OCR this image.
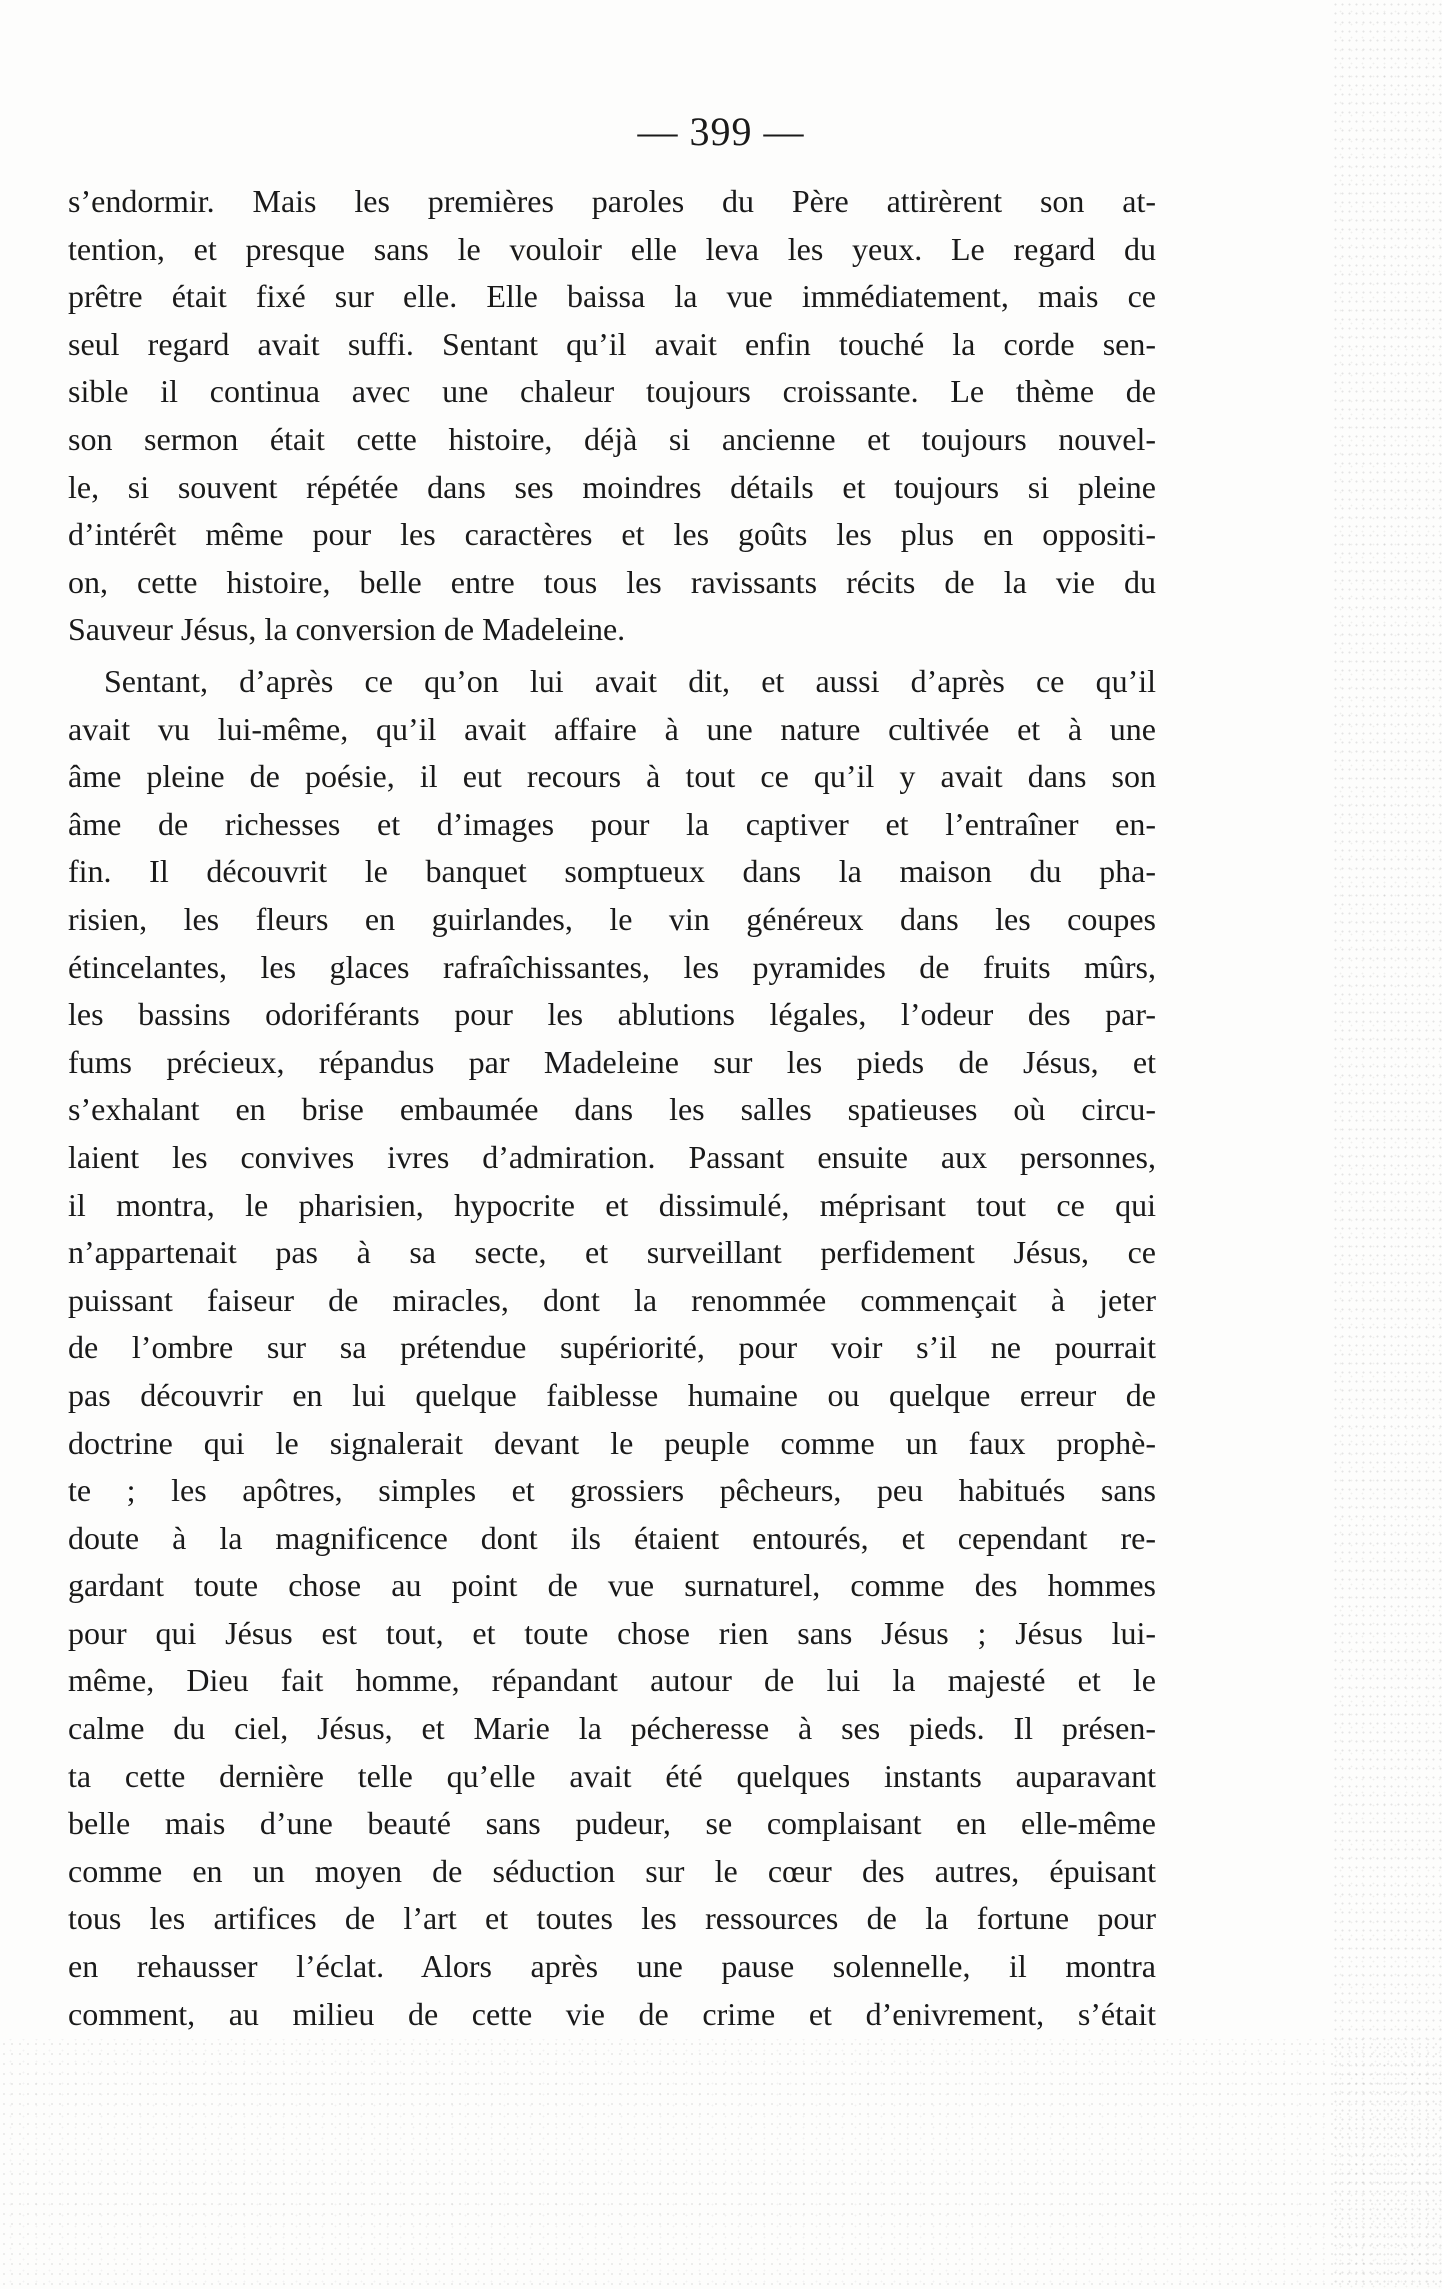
— 399 —
s’endormir. Mais les premières paroles du Père attirèrent son at-
tention, et presque sans le vouloir elle leva les yeux. Le regard du
prêtre était fixé sur elle. Elle baissa la vue immédiatement, mais ce
seul regard avait suffi. Sentant qu’il avait enfin touché la corde sen-
sible il continua avec une chaleur toujours croissante. Le thème de
son sermon était cette histoire, déjà si ancienne et toujours nouvel-
le, si souvent répétée dans ses moindres détails et toujours si pleine
d’intérêt même pour les caractères et les goûts les plus en oppositi-
on, cette histoire, belle entre tous les ravissants récits de la vie du
Sauveur Jésus, la conversion de Madeleine.
Sentant, d’après ce qu’on lui avait dit, et aussi d’après ce qu’il
avait vu lui-même, qu’il avait affaire à une nature cultivée et à une
âme pleine de poésie, il eut recours à tout ce qu’il y avait dans son
âme de richesses et d’images pour la captiver et l’entraîner en-
fin. Il découvrit le banquet somptueux dans la maison du pha-
risien, les fleurs en guirlandes, le vin généreux dans les coupes
étincelantes, les glaces rafraîchissantes, les pyramides de fruits mûrs,
les bassins odoriférants pour les ablutions légales, l’odeur des par-
fums précieux, répandus par Madeleine sur les pieds de Jésus, et
s’exhalant en brise embaumée dans les salles spatieuses où circu-
laient les convives ivres d’admiration. Passant ensuite aux personnes,
il montra, le pharisien, hypocrite et dissimulé, méprisant tout ce qui
n’appartenait pas à sa secte, et surveillant perfidement Jésus, ce
puissant faiseur de miracles, dont la renommée commençait à jeter
de l’ombre sur sa prétendue supériorité, pour voir s’il ne pourrait
pas découvrir en lui quelque faiblesse humaine ou quelque erreur de
doctrine qui le signalerait devant le peuple comme un faux prophè-
te ; les apôtres, simples et grossiers pêcheurs, peu habitués sans
doute à la magnificence dont ils étaient entourés, et cependant re-
gardant toute chose au point de vue surnaturel, comme des hommes
pour qui Jésus est tout, et toute chose rien sans Jésus ; Jésus lui-
même, Dieu fait homme, répandant autour de lui la majesté et le
calme du ciel, Jésus, et Marie la pécheresse à ses pieds. Il présen-
ta cette dernière telle qu’elle avait été quelques instants auparavant
belle mais d’une beauté sans pudeur, se complaisant en elle-même
comme en un moyen de séduction sur le cœur des autres, épuisant
tous les artifices de l’art et toutes les ressources de la fortune pour
en rehausser l’éclat. Alors après une pause solennelle, il montra
comment, au milieu de cette vie de crime et d’enivrement, s’était
